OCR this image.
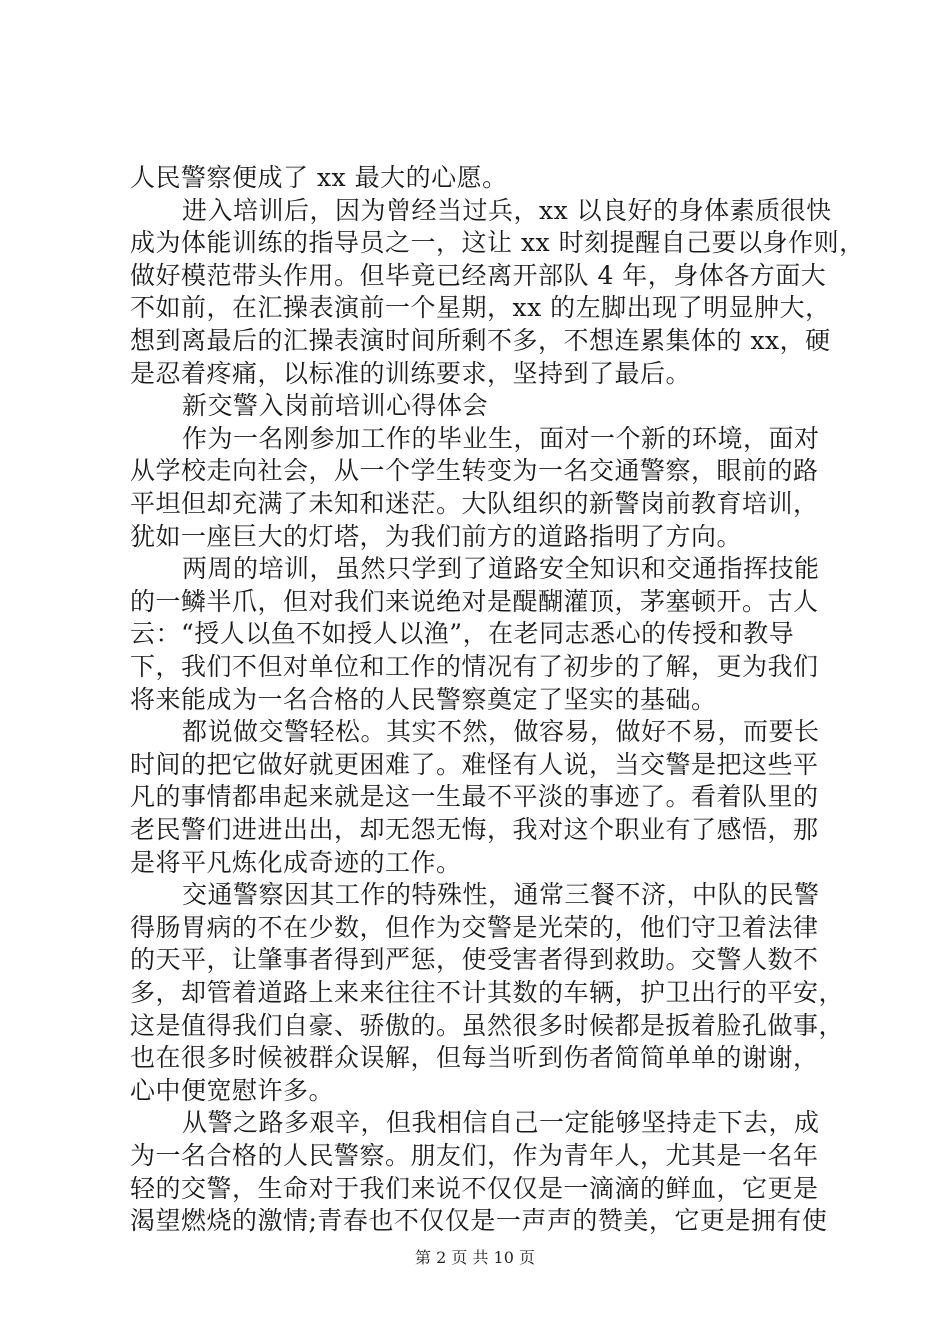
人民警察便成了 xx 最大的心愿。
进入培训后，因为曾经当过兵，xx 以良好的身体素质很快
成为体能训练的指导员之一，这让 xx 时刻提醒自己要以身作则，
做好模范带头作用。但毕竟已经离开部队 4 年，身体各方面大
不如前，在汇操表演前一个星期，xx 的左脚出现了明显肿大，
想到离最后的汇操表演时间所剩不多，不想连累集体的 xx，硬
是忍着疼痛，以标准的训练要求，坚持到了最后。
新交警入岗前培训心得体会
作为一名刚参加工作的毕业生，面对一个新的环境，面对
从学校走向社会，从一个学生转变为一名交通警察，眼前的路
平坦但却充满了未知和迷茫。大队组织的新警岗前教育培训，
犹如一座巨大的灯塔，为我们前方的道路指明了方向。
两周的培训，虽然只学到了道路安全知识和交通指挥技能
的一鳞半爪，但对我们来说绝对是醍醐灌顶，茅塞顿开。古人
云：“授人以鱼不如授人以渔”，在老同志悉心的传授和教导
下，我们不但对单位和工作的情况有了初步的了解，更为我们
将来能成为一名合格的人民警察奠定了坚实的基础。
都说做交警轻松。其实不然，做容易，做好不易，而要长
时间的把它做好就更困难了。难怪有人说，当交警是把这些平
凡的事情都串起来就是这一生最不平淡的事迹了。看着队里的
老民警们进进出出，却无怨无悔，我对这个职业有了感悟，那
是将平凡炼化成奇迹的工作。
交通警察因其工作的特殊性，通常三餐不济，中队的民警
得肠胃病的不在少数，但作为交警是光荣的，他们守卫着法律
的天平，让肇事者得到严惩，使受害者得到救助。交警人数不
多，却管着道路上来来往往不计其数的车辆，护卫出行的平安，
这是值得我们自豪、骄傲的。虽然很多时候都是扳着脸孔做事，
也在很多时候被群众误解，但每当听到伤者简简单单的谢谢，
心中便宽慰许多。
从警之路多艰辛，但我相信自己一定能够坚持走下去，成
为一名合格的人民警察。朋友们，作为青年人，尤其是一名年
轻的交警，生命对于我们来说不仅仅是一滴滴的鲜血，它更是
渴望燃烧的激情;青春也不仅仅是一声声的赞美，它更是拥有使
第 2 页 共 10 页
